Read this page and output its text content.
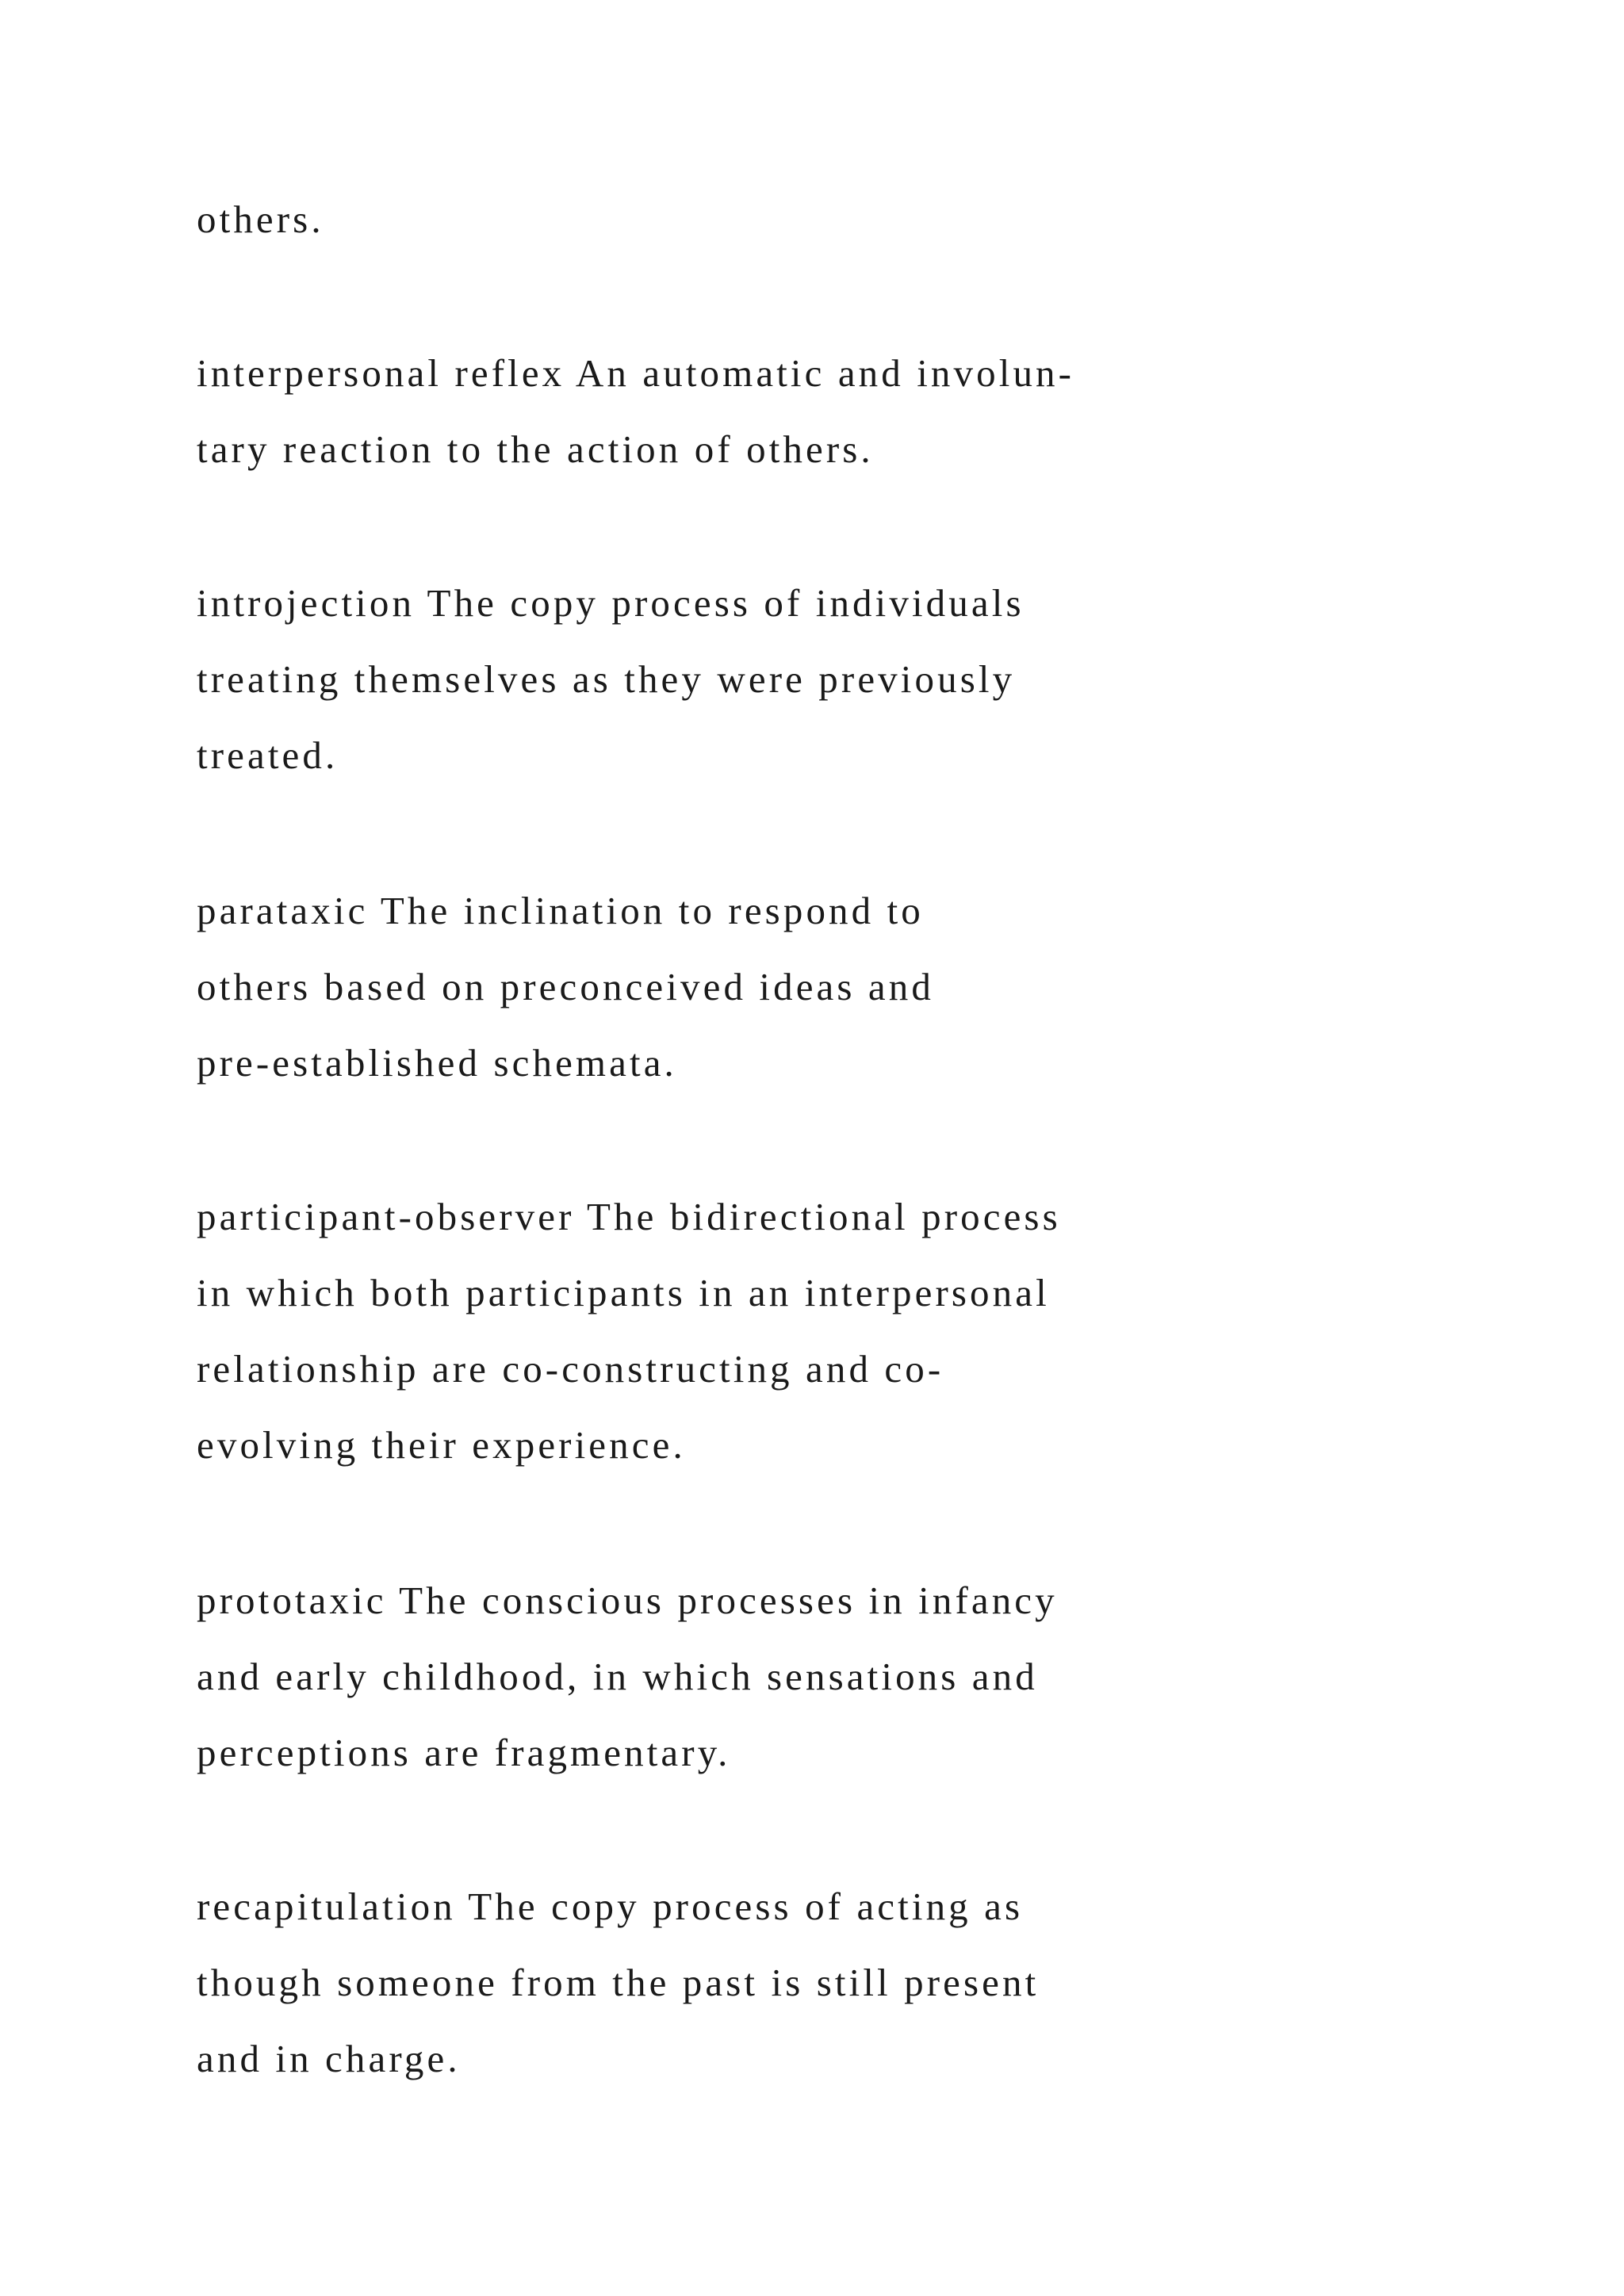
others.

interpersonal reflex An automatic and involun-

tary reaction to the action of others.

introjection The copy process of individuals

treating themselves as they were previously

treated.

parataxic The inclination to respond to

others based on preconceived ideas and

pre-established schemata.

participant-observer The bidirectional process

in which both participants in an interpersonal

relationship are co-constructing and co-

evolving their experience.

prototaxic The conscious processes in infancy

and early childhood, in which sensations and

perceptions are fragmentary.

recapitulation The copy process of acting as

though someone from the past is still present

and in charge.
